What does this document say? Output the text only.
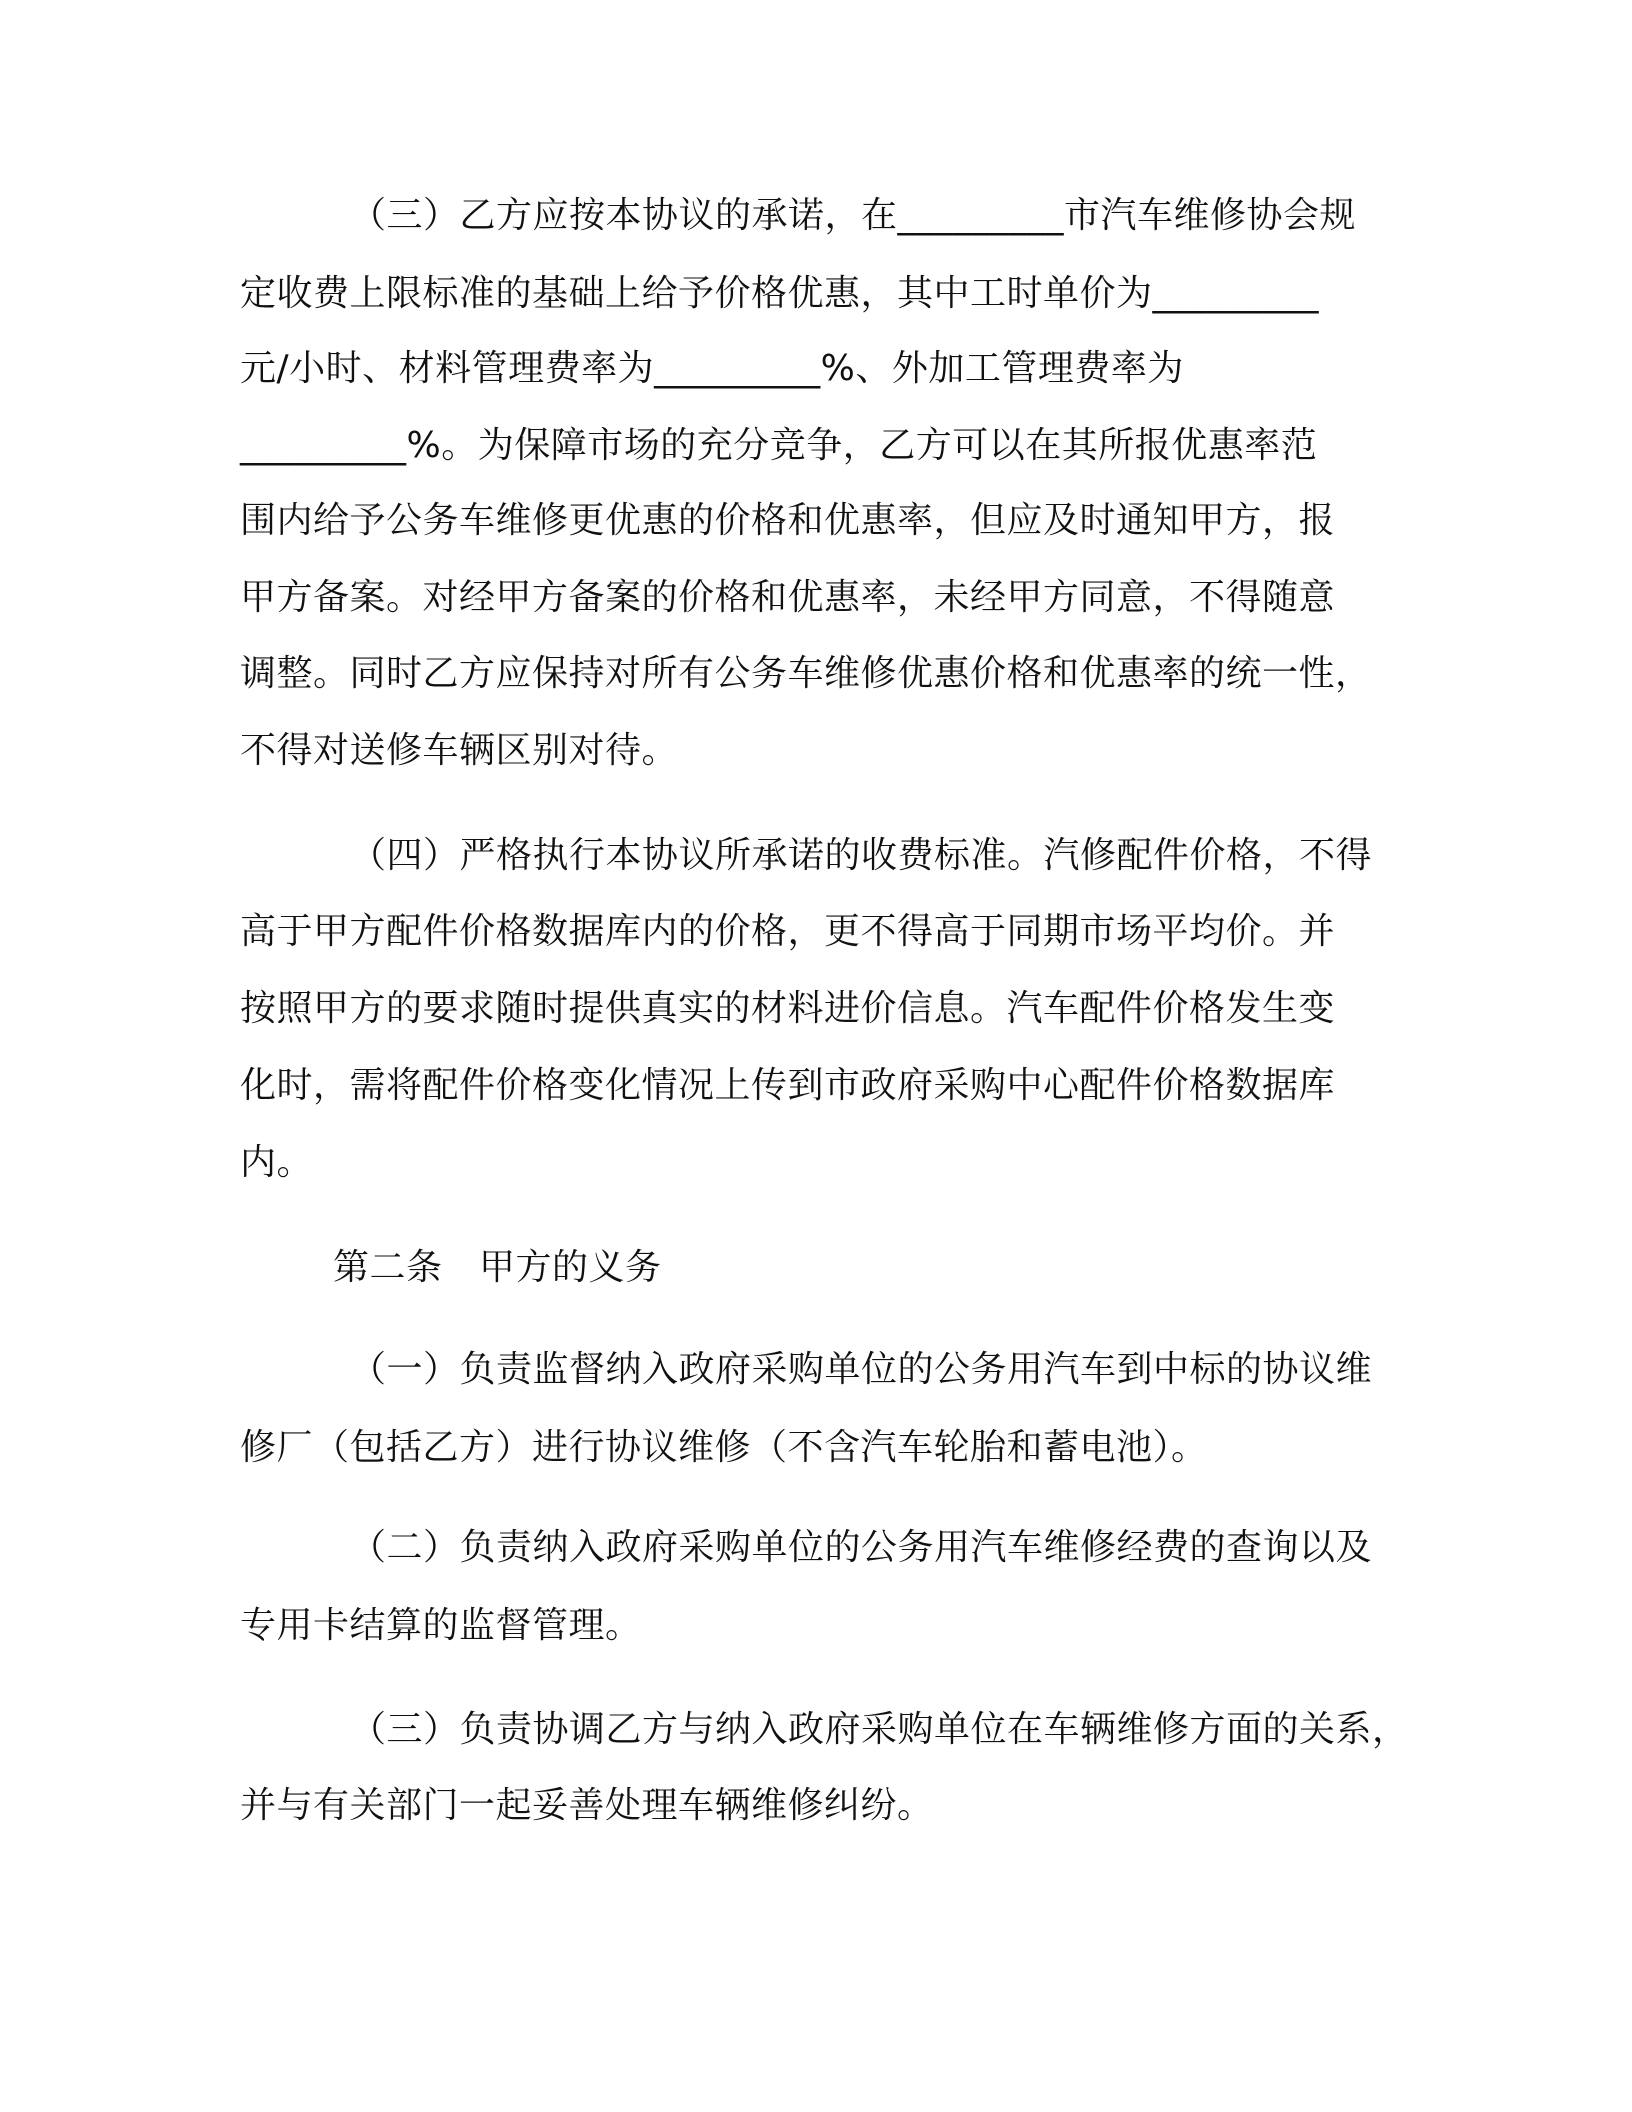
（三）乙方应按本协议的承诺，在_________市汽车维修协会规

定收费上限标准的基础上给予价格优惠，其中工时单价为_________

元/小时、材料管理费率为_________%、外加工管理费率为

_________%。为保障市场的充分竞争，乙方可以在其所报优惠率范

围内给予公务车维修更优惠的价格和优惠率，但应及时通知甲方，报

甲方备案。对经甲方备案的价格和优惠率，未经甲方同意，不得随意

调整。同时乙方应保持对所有公务车维修优惠价格和优惠率的统一性，

不得对送修车辆区别对待。

（四）严格执行本协议所承诺的收费标准。汽修配件价格，不得

高于甲方配件价格数据库内的价格，更不得高于同期市场平均价。并

按照甲方的要求随时提供真实的材料进价信息。汽车配件价格发生变

化时，需将配件价格变化情况上传到市政府采购中心配件价格数据库

内。

第二条　甲方的义务

（一）负责监督纳入政府采购单位的公务用汽车到中标的协议维

修厂（包括乙方）进行协议维修（不含汽车轮胎和蓄电池）。

（二）负责纳入政府采购单位的公务用汽车维修经费的查询以及

专用卡结算的监督管理。

（三）负责协调乙方与纳入政府采购单位在车辆维修方面的关系，

并与有关部门一起妥善处理车辆维修纠纷。
